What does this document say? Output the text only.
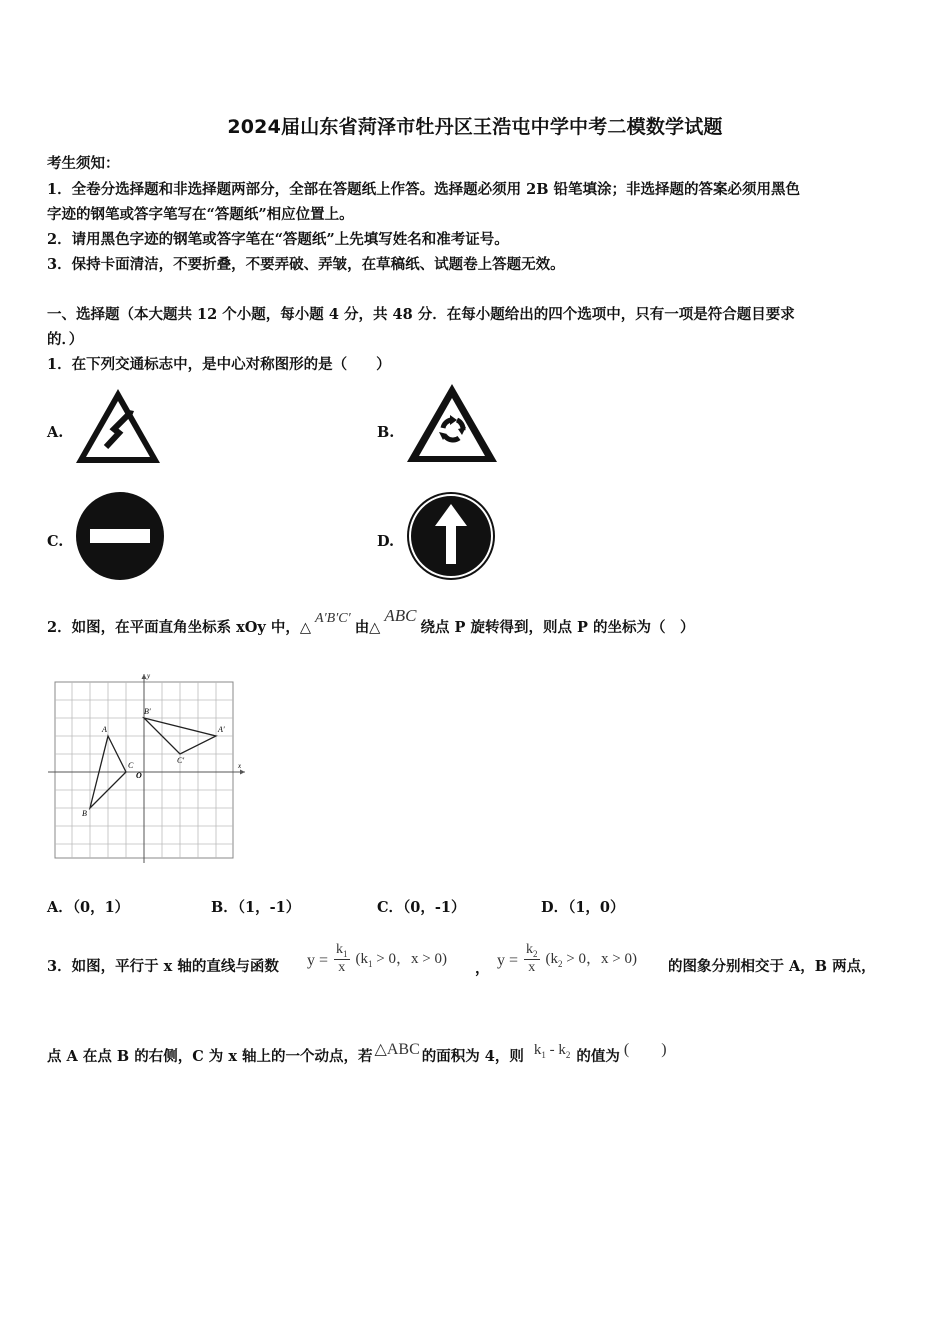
2024届山东省菏泽市牡丹区王浩屯中学中考二模数学试题
考生须知：
1．全卷分选择题和非选择题两部分，全部在答题纸上作答。选择题必须用 2B 铅笔填涂；非选择题的答案必须用黑色
字迹的钢笔或答字笔写在“答题纸”相应位置上。
2．请用黑色字迹的钢笔或答字笔在“答题纸”上先填写姓名和准考证号。
3．保持卡面清洁，不要折叠，不要弄破、弄皱，在草稿纸、试题卷上答题无效。
一、选择题（本大题共 12 个小题，每小题 4 分，共 48 分．在每小题给出的四个选项中，只有一项是符合题目要求
的．）
1．在下列交通标志中，是中心对称图形的是（　　）
A.	B.
C.	D.
2．如图，在平面直角坐标系 xOy 中，△A′B′C′由△ABC绕点 P 旋转得到，则点 P 的坐标为（　）
A
B
C
O
A′
B′
C′
x
y
A．（0，1）	B．（1，-1）	C．（0，-1）	D．（1，0）
3．如图，平行于 x 轴的直线与函数 $y = \frac{k_1}{x} (k_1 > 0$，x > 0)
， $y = \frac{k_2}{x} (k_2 > 0$，x > 0) 的图象分别相交于 A，B 两点，
点 A 在点 B 的右侧，C 为 x 轴上的一个动点，若 △ABC 的面积为 4，则 $k_1 - k_2$ 的值为 (　　)
